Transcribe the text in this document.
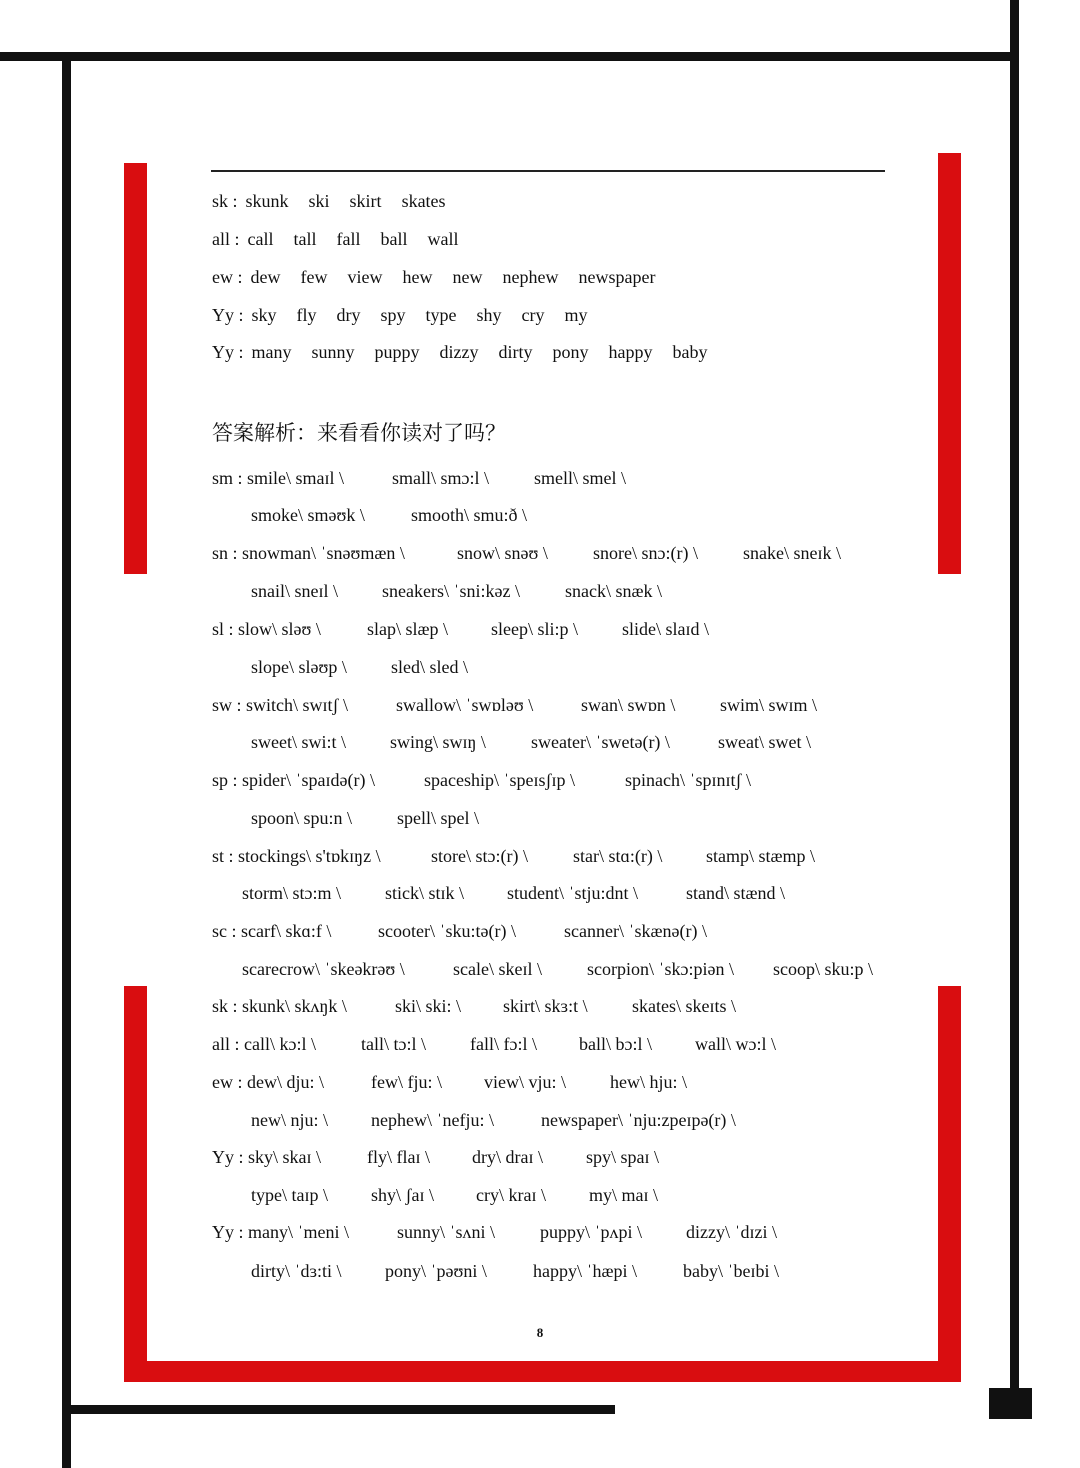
sk : skunk ski skirt skates
all : call tall fall ball wall
ew : dew few view hew new nephew newspaper
Yy : sky fly dry spy type shy cry my
Yy : many sunny puppy dizzy dirty pony happy baby
答案解析：来看看你读对了吗？
sm : smile\ smaɪl \	small\ smɔ:l \	smell\ smel \
smoke\ sməʊk \	smooth\ smu:ð \
sn : snowman\ ˈsnəʊmæn \	snow\ snəʊ \	snore\ snɔ:(r) \	snake\ sneɪk \
snail\ sneɪl \ sneakers\ ˈsni:kəz \	snack\ snæk \
sl : slow\ sləʊ \	slap\ slæp \ sleep\ sli:p \ slide\ slaɪd \
slope\ sləʊp \ sled\ sled \
sw : switch\ swɪtʃ \	swallow\ ˈswɒləʊ \	swan\ swɒn \ swim\ swɪm \
sweet\ swi:t \ swing\ swɪŋ \	sweater\ ˈswetə(r) \	sweat\ swet \
sp : spider\ ˈspaɪdə(r) \	spaceship\ ˈspeɪsʃɪp \	spinach\ ˈspɪnɪtʃ \
spoon\ spu:n \ spell\ spel \
st : stockings\ s'tɒkɪŋz \	store\ stɔ:(r) \	star\ stɑ:(r) \ stamp\ stæmp \
storm\ stɔ:m \ stick\ stɪk \ student\ ˈstju:dnt \	stand\ stænd \
sc : scarf\ skɑ:f \	scooter\ ˈsku:tə(r) \	scanner\ ˈskænə(r) \
scarecrow\ ˈskeəkrəʊ \	scale\ skeɪl \	scorpion\ ˈskɔ:piən \ scoop\ sku:p \
sk : skunk\ skʌŋk \	ski\ ski: \ skirt\ skɜ:t \ skates\ skeɪts \
all : call\ kɔ:l \	tall\ tɔ:l \ fall\ fɔ:l \ ball\ bɔ:l \ wall\ wɔ:l \
ew : dew\ dju: \	few\ fju: \ view\ vju: \ hew\ hju: \
new\ nju: \ nephew\ ˈnefju: \	newspaper\ ˈnju:zpeɪpə(r) \
Yy : sky\ skaɪ \	fly\ flaɪ \ dry\ draɪ \ spy\ spaɪ \
type\ taɪp \ shy\ ʃaɪ \ cry\ kraɪ \ my\ maɪ \
Yy : many\ ˈmeni \	sunny\ ˈsʌni \ puppy\ ˈpʌpi \ dizzy\ ˈdɪzi \
dirty\ ˈdɜ:ti \ pony\ ˈpəʊni \	happy\ ˈhæpi \	baby\ ˈbeɪbi \
8
